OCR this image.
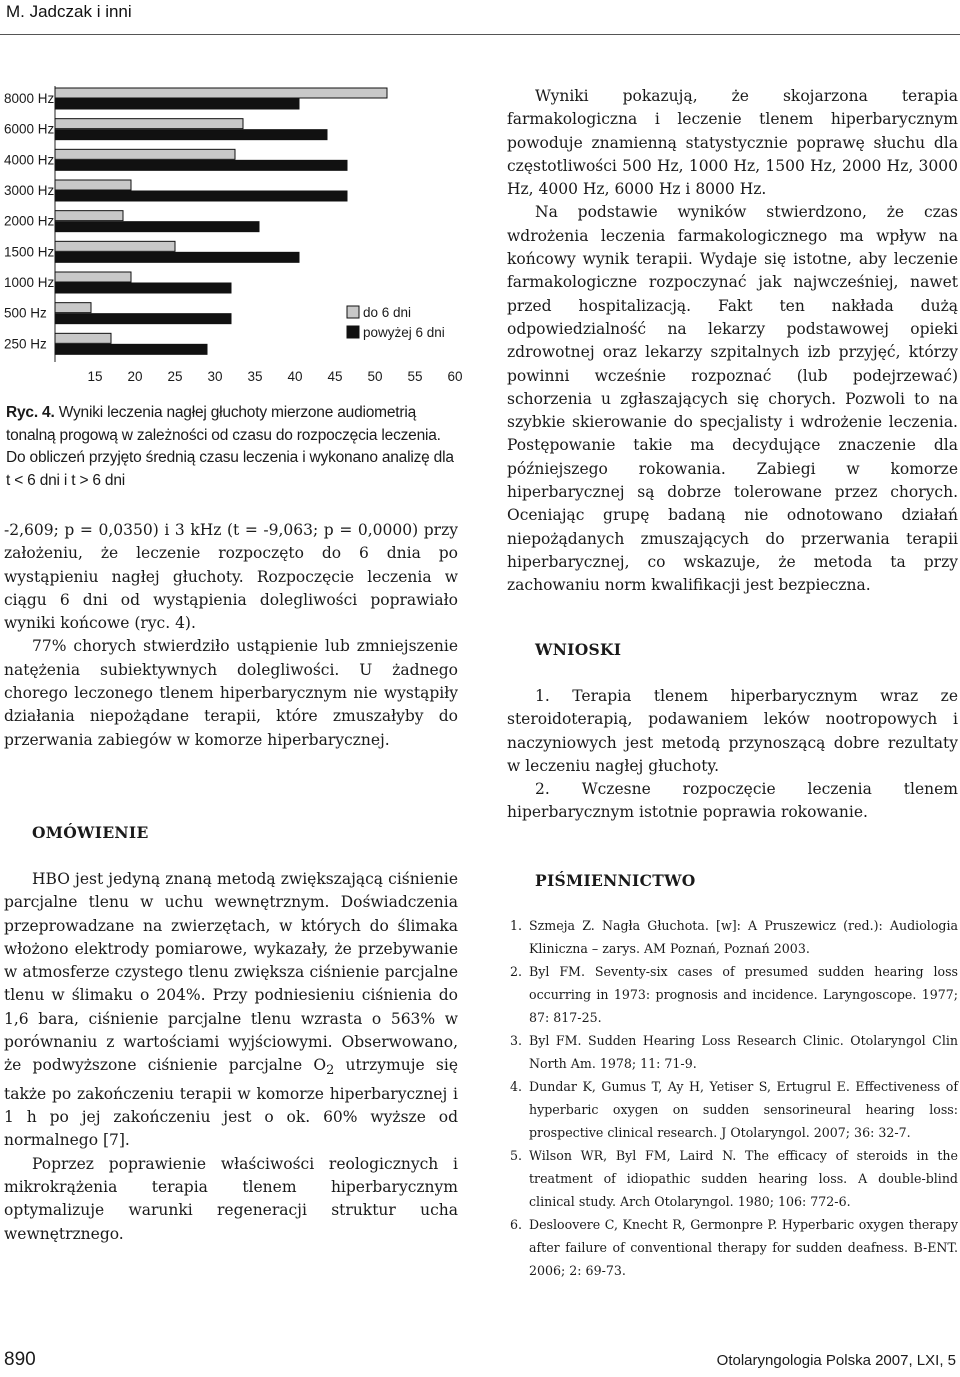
M. Jadczak i inni
8000 Hz
6000 Hz
4000 Hz
3000 Hz
2000 Hz
1500 Hz
1000 Hz
500 Hz
250 Hz
15 20 25 30 35 40 45 50 55 60
do 6 dni
powyżej 6 dni
Ryc. 4. Wyniki leczenia nagłej głuchoty mierzone audiometrią tonalną progową w zależności od czasu do rozpoczęcia leczenia. Do obliczeń przyjęto średnią czasu leczenia i wykonano analizę dla t < 6 dni i t > 6 dni

-2,609; p = 0,0350) i 3 kHz (t = -9,063; p = 0,0000) przy założeniu, że leczenie rozpoczęto do 6 dnia po wystąpieniu nagłej głuchoty. Rozpoczęcie leczenia w ciągu 6 dni od wystąpienia dolegliwości poprawiało wyniki końcowe (ryc. 4).

77% chorych stwierdziło ustąpienie lub zmniejszenie natężenia subiektywnych dolegliwości. U żadnego chorego leczonego tlenem hiperbarycznym nie wystąpiły działania niepożądane terapii, które zmuszałyby do przerwania zabiegów w komorze hiperbarycznej.

OMÓWIENIE

HBO jest jedyną znaną metodą zwiększającą ciśnienie parcjalne tlenu w uchu wewnętrznym. Doświadczenia przeprowadzane na zwierzętach, w których do ślimaka włożono elektrody pomiarowe, wykazały, że przebywanie w atmosferze czystego tlenu zwiększa ciśnienie parcjalne tlenu w ślimaku o 204%. Przy podniesieniu ciśnienia do 1,6 bara, ciśnienie parcjalne tlenu wzrasta o 563% w porównaniu z wartościami wyjściowymi. Obserwowano, że podwyższone ciśnienie parcjalne $O_2$ utrzymuje się także po zakończeniu terapii w komorze hiperbarycznej i 1 h po jej zakończeniu jest o ok. 60% wyższe od normalnego [7].

Poprzez poprawienie właściwości reologicznych i mikrokrążenia terapia tlenem hiperbarycznym optymalizuje warunki regeneracji struktur ucha wewnętrznego.

Wyniki pokazują, że skojarzona terapia farmakologiczna i leczenie tlenem hiperbarycznym powoduje znamienną statystycznie poprawę słuchu dla częstotliwości 500 Hz, 1000 Hz, 1500 Hz, 2000 Hz, 3000 Hz, 4000 Hz, 6000 Hz i 8000 Hz.

Na podstawie wyników stwierdzono, że czas wdrożenia leczenia farmakologicznego ma wpływ na końcowy wynik terapii. Wydaje się istotne, aby leczenie farmakologiczne rozpoczynać jak najwcześniej, nawet przed hospitalizacją. Fakt ten nakłada dużą odpowiedzialność na lekarzy podstawowej opieki zdrowotnej oraz lekarzy szpitalnych izb przyjęć, którzy powinni wcześnie rozpoznać (lub podejrzewać) schorzenia u zgłaszających się chorych. Pozwoli to na szybkie skierowanie do specjalisty i wdrożenie leczenia. Postępowanie takie ma decydujące znaczenie dla późniejszego rokowania. Zabiegi w komorze hiperbarycznej są dobrze tolerowane przez chorych. Oceniając grupę badaną nie odnotowano działań niepożądanych zmuszających do przerwania terapii hiperbarycznej, co wskazuje, że metoda ta przy zachowaniu norm kwalifikacji jest bezpieczna.

WNIOSKI

1. Terapia tlenem hiperbarycznym wraz ze steroidoterapią, podawaniem leków nootropowych i naczyniowych jest metodą przynoszącą dobre rezultaty w leczeniu nagłej głuchoty.

2. Wczesne rozpoczęcie leczenia tlenem hiperbarycznym istotnie poprawia rokowanie.

PIŚMIENNICTWO
1. Szmeja Z. Nagła Głuchota. [w]: A Pruszewicz (red.): Audiologia Kliniczna – zarys. AM Poznań, Poznań 2003.
2. Byl FM. Seventy-six cases of presumed sudden hearing loss occurring in 1973: prognosis and incidence. Laryngoscope. 1977; 87: 817-25.
3. Byl FM. Sudden Hearing Loss Research Clinic. Otolaryngol Clin North Am. 1978; 11: 71-9.
4. Dundar K, Gumus T, Ay H, Yetiser S, Ertugrul E. Effectiveness of hyperbaric oxygen on sudden sensorineural hearing loss: prospective clinical research. J Otolaryngol. 2007; 36: 32-7.
5. Wilson WR, Byl FM, Laird N. The efficacy of steroids in the treatment of idiopathic sudden hearing loss. A double-blind clinical study. Arch Otolaryngol. 1980; 106: 772-6.
6. Desloovere C, Knecht R, Germonpre P. Hyperbaric oxygen therapy after failure of conventional therapy for sudden deafness. B-ENT. 2006; 2: 69-73.
890	Otolaryngologia Polska 2007, LXI, 5
